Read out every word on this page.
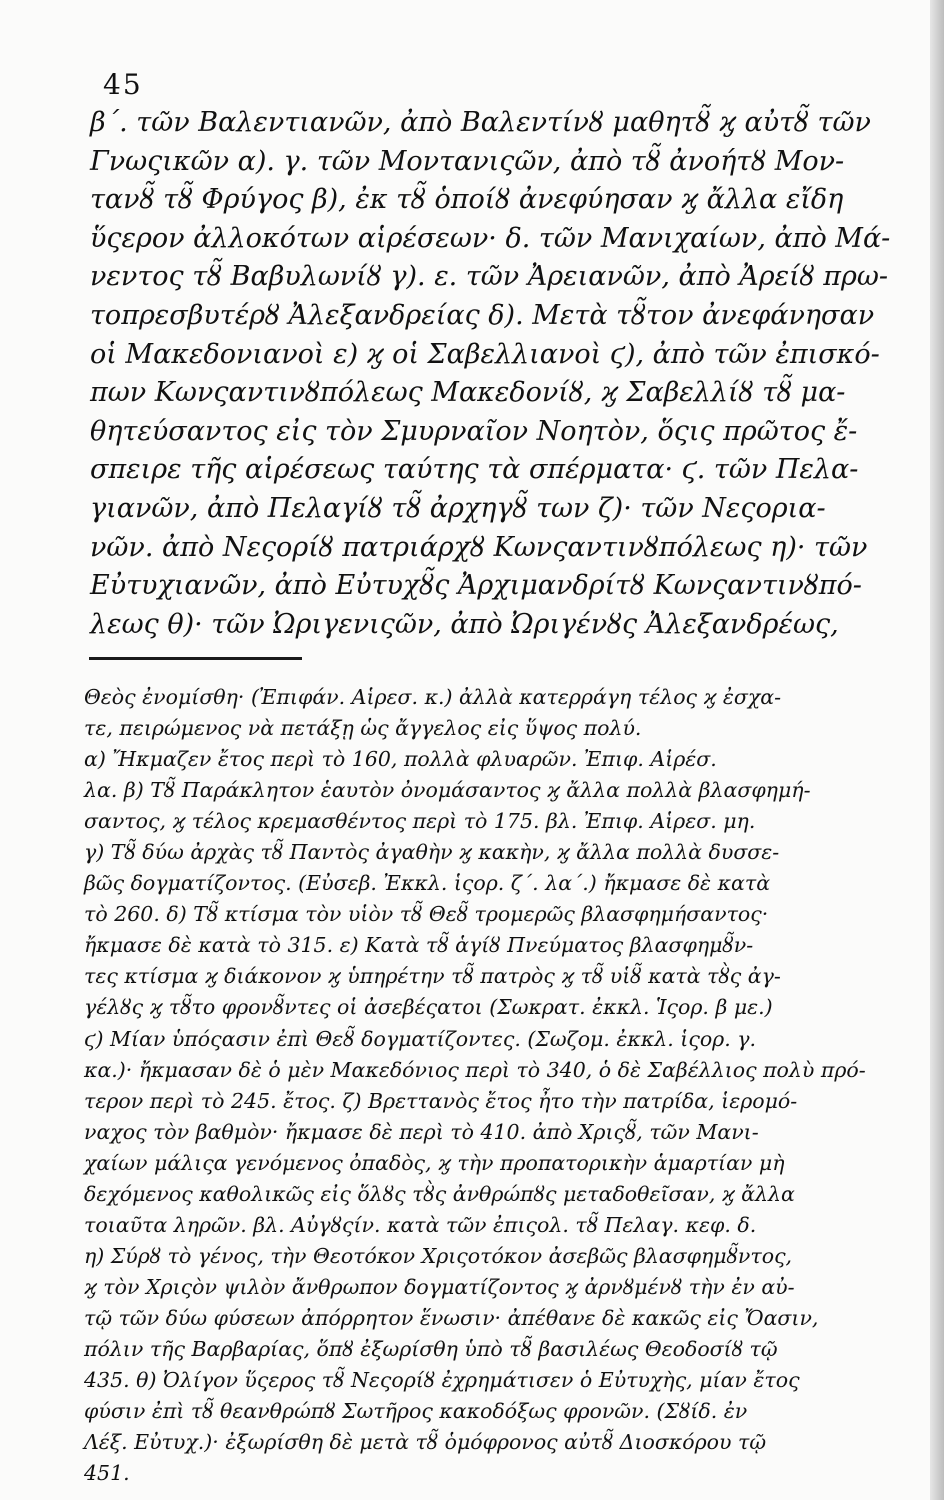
45
β΄. τῶν Βαλεντιανῶν, ἀπὸ Βαλεντίνȣ μαθητȣ̃ ϗ αὐτȣ̃ τῶν
Γνωςικῶν α). γ. τῶν Μοντανιςῶν, ἀπὸ τȣ̃ ἀνοήτȣ Μον-
τανȣ̃ τȣ̃ Φρύγος β), ἐκ τȣ̃ ὁποίȣ ἀνεφύησαν ϗ ἄλλα εἴδη
ὕςερον ἀλλοκότων αἱρέσεων· δ. τῶν Μανιχαίων, ἀπὸ Μά-
νεντος τȣ̃ Βαβυλωνίȣ γ). ε. τῶν Ἀρειανῶν, ἀπὸ Ἀρείȣ πρω-
τοπρεσβυτέρȣ Ἀλεξανδρείας δ). Μετὰ τȣ̃τον ἀνεφάνησαν
οἱ Μακεδονιανοὶ ε) ϗ οἱ Σαβελλιανοὶ ϛ), ἀπὸ τῶν ἐπισκό-
πων Κωνςαντινȣπόλεως Μακεδονίȣ, ϗ Σαβελλίȣ τȣ̃ μα-
θητεύσαντος εἰς τὸν Σμυρναῖον Νοητὸν, ὅςις πρῶτος ἔ-
σπειρε τῆς αἱρέσεως ταύτης τὰ σπέρματα· ϛ. τῶν Πελα-
γιανῶν, ἀπὸ Πελαγίȣ τȣ̃ ἀρχηγȣ̃ των ζ)· τῶν Νεςορια-
νῶν. ἀπὸ Νεςορίȣ πατριάρχȣ Κωνςαντινȣπόλεως η)· τῶν
Εὐτυχιανῶν, ἀπὸ Εὐτυχȣ̃ς Ἀρχιμανδρίτȣ Κωνςαντινȣπό-
λεως θ)· τῶν Ὠριγενιςῶν, ἀπὸ Ὠριγένȣς Ἀλεξανδρέως,
Θεὸς ἐνομίσθη· (Ἐπιφάν. Αἱρεσ. κ.) ἀλλὰ κατερράγη τέλος ϗ ἐσχα-
τε, πειρώμενος νὰ πετάξῃ ὡς ἄγγελος εἰς ὕψος πολύ.
α) Ἤκμαζεν ἔτος περὶ τὸ 160, πολλὰ φλυαρῶν. Ἐπιφ. Αἱρέσ.
λα. β) Τȣ̃ Παράκλητον ἑαυτὸν ὀνομάσαντος ϗ ἄλλα πολλὰ βλασφημή-
σαντος, ϗ τέλος κρεμασθέντος περὶ τὸ 175. βλ. Ἐπιφ. Αἱρεσ. μη.
γ) Τȣ̃ δύω ἀρχὰς τȣ̃ Παντὸς ἀγαθὴν ϗ κακὴν, ϗ ἄλλα πολλὰ δυσσε-
βῶς δογματίζοντος. (Εὐσεβ. Ἐκκλ. ἱςορ. ζ΄. λα΄.) ἤκμασε δὲ κατὰ
τὸ 260. δ) Τȣ̃ κτίσμα τὸν υἱὸν τȣ̃ Θεȣ̃ τρομερῶς βλασφημήσαντος·
ἤκμασε δὲ κατὰ τὸ 315. ε) Κατὰ τȣ̃ ἁγίȣ Πνεύματος βλασφημȣ̃ν-
τες κτίσμα ϗ διάκονον ϗ ὑπηρέτην τȣ̃ πατρὸς ϗ τȣ̃ υἱȣ̃ κατὰ τȣ̀ς ἀγ-
γέλȣς ϗ τȣ̃το φρονȣ̃ντες οἱ ἀσεβέςατοι (Σωκρατ. ἐκκλ. Ἱςορ. β με.)
ϛ) Μίαν ὑπόςασιν ἐπὶ Θεȣ̃ δογματίζοντες. (Σωζομ. ἐκκλ. ἱςορ. γ.
κα.)· ἤκμασαν δὲ ὁ μὲν Μακεδόνιος περὶ τὸ 340, ὁ δὲ Σαβέλλιος πολὺ πρό-
τερον περὶ τὸ 245. ἔτος. ζ) Βρεττανὸς ἔτος ἦτο τὴν πατρίδα, ἱερομό-
ναχος τὸν βαθμὸν· ἤκμασε δὲ περὶ τὸ 410. ἀπὸ Χριςȣ̃, τῶν Μανι-
χαίων μάλιςα γενόμενος ὀπαδὸς, ϗ τὴν προπατορικὴν ἁμαρτίαν μὴ
δεχόμενος καθολικῶς εἰς ὅλȣς τȣ̀ς ἀνθρώπȣς μεταδοθεῖσαν, ϗ ἄλλα
τοιαῦτα ληρῶν. βλ. Αὐγȣςίν. κατὰ τῶν ἐπιςολ. τȣ̃ Πελαγ. κεφ. δ.
η) Σύρȣ τὸ γένος, τὴν Θεοτόκον Χριςοτόκον ἀσεβῶς βλασφημȣ̃ντος,
ϗ τὸν Χριςὸν ψιλὸν ἄνθρωπον δογματίζοντος ϗ ἀρνȣμένȣ τὴν ἐν αὐ-
τῷ τῶν δύω φύσεων ἀπόρρητον ἕνωσιν· ἀπέθανε δὲ κακῶς εἰς Ὄασιν,
πόλιν τῆς Βαρβαρίας, ὅπȣ ἐξωρίσθη ὑπὸ τȣ̃ βασιλέως Θεοδοσίȣ τῷ
435. θ) Ὀλίγον ὕςερος τȣ̃ Νεςορίȣ ἐχρημάτισεν ὁ Εὐτυχὴς, μίαν ἔτος
φύσιν ἐπὶ τȣ̃ θεανθρώπȣ Σωτῆρος κακοδόξως φρονῶν. (Σȣίδ. ἐν
Λέξ. Εὐτυχ.)· ἐξωρίσθη δὲ μετὰ τȣ̃ ὁμόφρονος αὐτȣ̃ Διοσκόρου τῷ
451.
